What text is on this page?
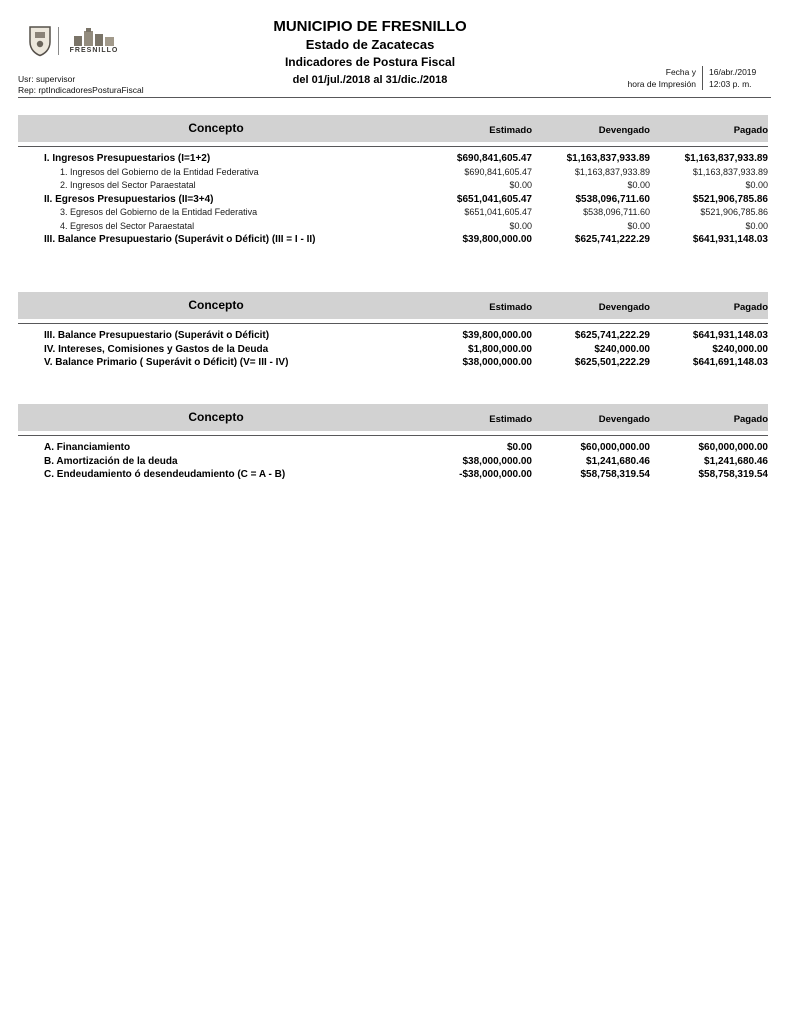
FRESNILLO
MUNICIPIO DE FRESNILLO
Estado de Zacatecas
Indicadores de Postura Fiscal
del 01/jul./2018 al 31/dic./2018
Usr: supervisor
Rep: rptIndicadoresPosturaFiscal
Fecha y
hora de Impresión
16/abr./2019
12:03 p. m.
Concepto	Estimado	Devengado	Pagado
I. Ingresos Presupuestarios (I=1+2)	$690,841,605.47	$1,163,837,933.89	$1,163,837,933.89
1. Ingresos del Gobierno de la Entidad Federativa	$690,841,605.47	$1,163,837,933.89	$1,163,837,933.89
2. Ingresos del Sector Paraestatal	$0.00	$0.00	$0.00
II. Egresos Presupuestarios (II=3+4)	$651,041,605.47	$538,096,711.60	$521,906,785.86
3. Egresos del Gobierno de la Entidad Federativa	$651,041,605.47	$538,096,711.60	$521,906,785.86
4. Egresos del Sector Paraestatal	$0.00	$0.00	$0.00
III. Balance Presupuestario (Superávit o Déficit) (III = I - II)	$39,800,000.00	$625,741,222.29	$641,931,148.03
Concepto	Estimado	Devengado	Pagado
III. Balance Presupuestario (Superávit o Déficit)	$39,800,000.00	$625,741,222.29	$641,931,148.03
IV. Intereses, Comisiones y Gastos de la Deuda	$1,800,000.00	$240,000.00	$240,000.00
V. Balance Primario ( Superávit o Déficit) (V= III - IV)	$38,000,000.00	$625,501,222.29	$641,691,148.03
Concepto	Estimado	Devengado	Pagado
A. Financiamiento	$0.00	$60,000,000.00	$60,000,000.00
B. Amortización de la deuda	$38,000,000.00	$1,241,680.46	$1,241,680.46
C. Endeudamiento ó desendeudamiento (C = A - B)	-$38,000,000.00	$58,758,319.54	$58,758,319.54
